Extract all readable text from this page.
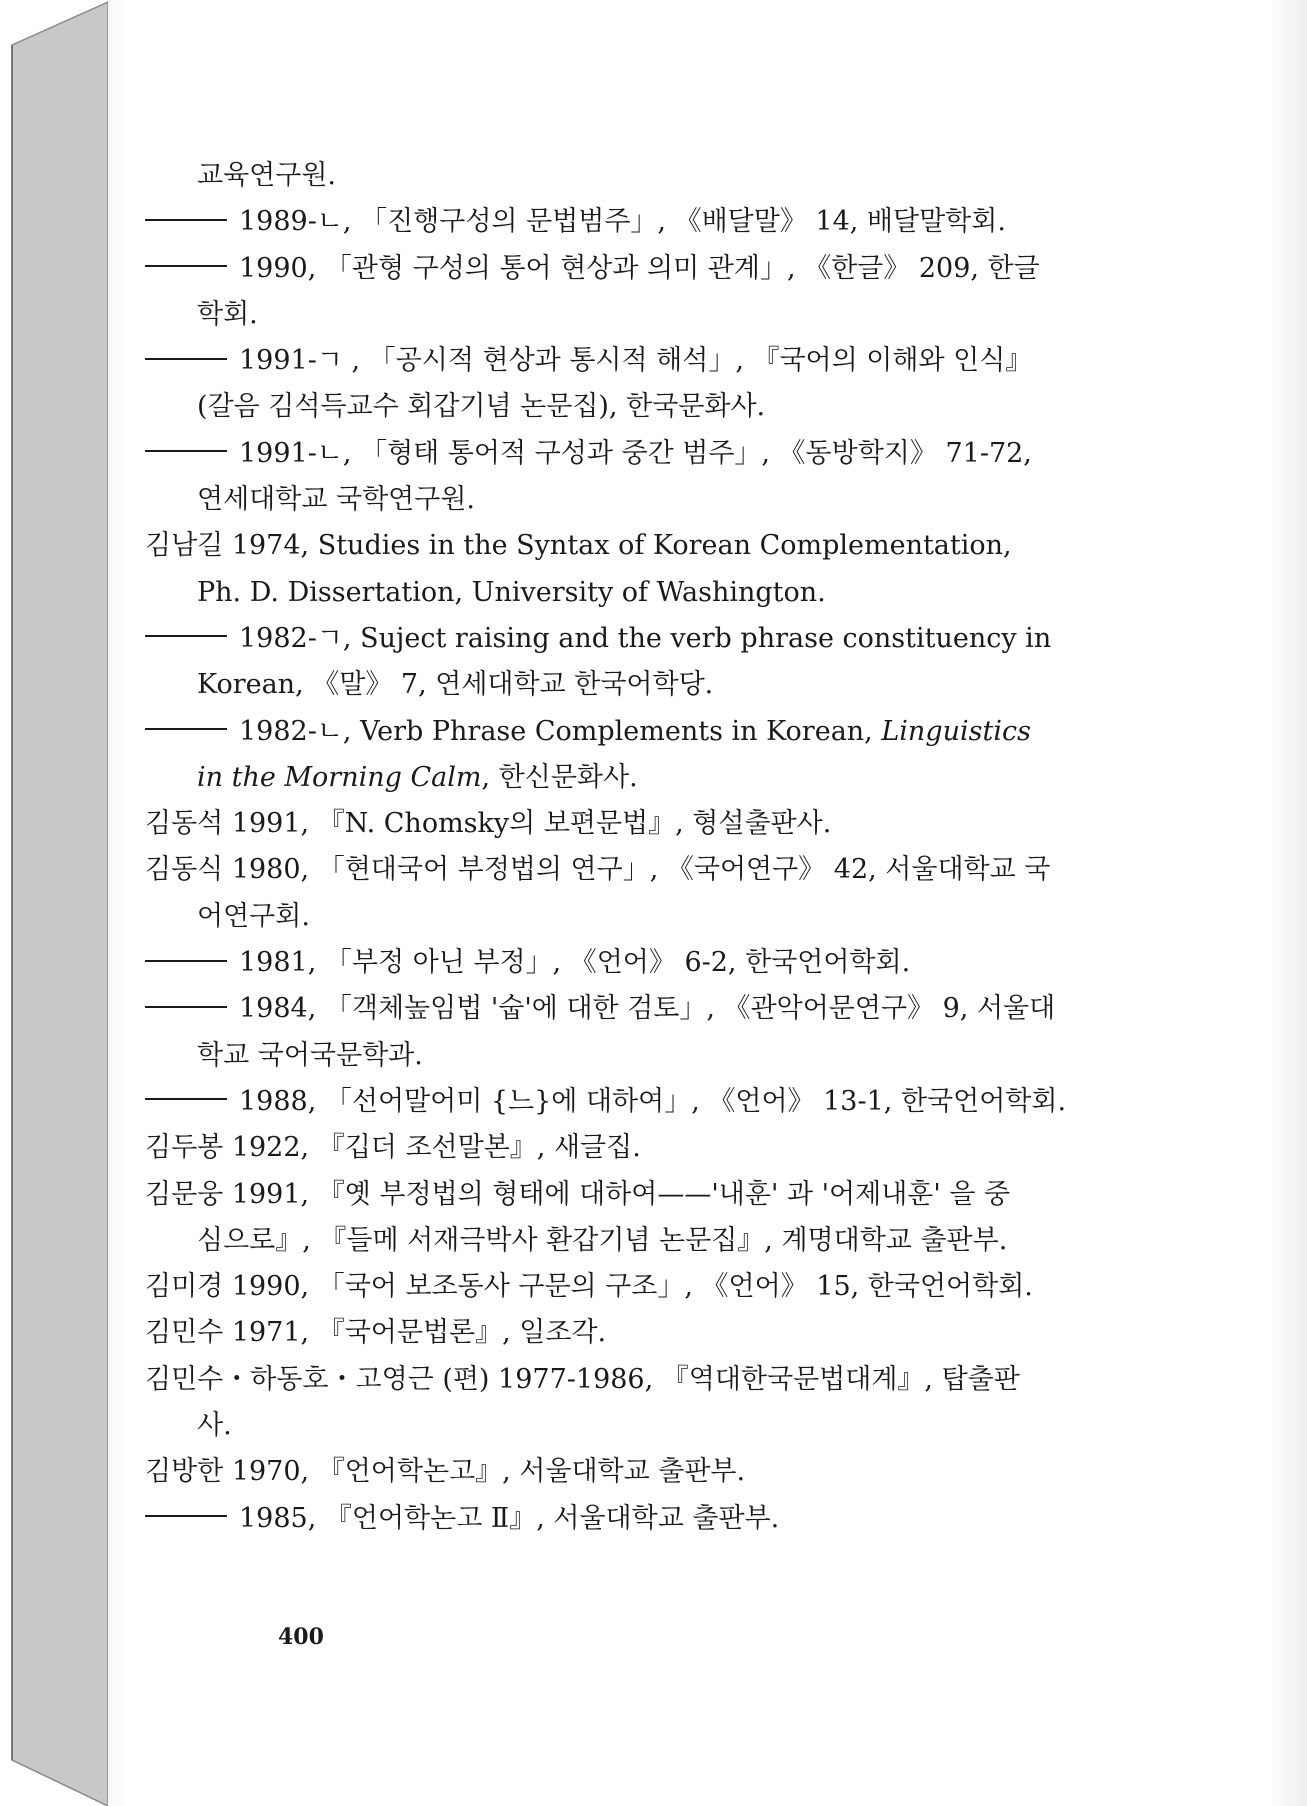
교육연구원.
1989-ㄴ, 「진행구성의 문법범주」, 《배달말》 14, 배달말학회.
1990, 「관형 구성의 통어 현상과 의미 관계」, 《한글》 209, 한글
학회.
1991-ㄱ , 「공시적 현상과 통시적 해석」, 『국어의 이해와 인식』
(갈음 김석득교수 회갑기념 논문집), 한국문화사.
1991-ㄴ, 「형태 통어적 구성과 중간 범주」, 《동방학지》 71-72,
연세대학교 국학연구원.
김남길 1974, Studies in the Syntax of Korean Complementation,
Ph. D. Dissertation, University of Washington.
1982-ㄱ, Suject raising and the verb phrase constituency in
Korean, 《말》 7, 연세대학교 한국어학당.
1982-ㄴ, Verb Phrase Complements in Korean, Linguistics
in the Morning Calm, 한신문화사.
김동석 1991, 『N. Chomsky의 보편문법』, 형설출판사.
김동식 1980, 「현대국어 부정법의 연구」, 《국어연구》 42, 서울대학교 국
어연구회.
1981, 「부정 아닌 부정」, 《언어》 6-2, 한국언어학회.
1984, 「객체높임법 '숩'에 대한 검토」, 《관악어문연구》 9, 서울대
학교 국어국문학과.
1988, 「선어말어미 {느}에 대하여」, 《언어》 13-1, 한국언어학회.
김두봉 1922, 『깁더 조선말본』, 새글집.
김문웅 1991, 『옛 부정법의 형태에 대하여——'내훈' 과 '어제내훈' 을 중
심으로』, 『들메 서재극박사 환갑기념 논문집』, 계명대학교 출판부.
김미경 1990, 「국어 보조동사 구문의 구조」, 《언어》 15, 한국언어학회.
김민수 1971, 『국어문법론』, 일조각.
김민수・하동호・고영근 (편) 1977-1986, 『역대한국문법대계』, 탑출판
사.
김방한 1970, 『언어학논고』, 서울대학교 출판부.
1985, 『언어학논고 Ⅱ』, 서울대학교 출판부.
400
